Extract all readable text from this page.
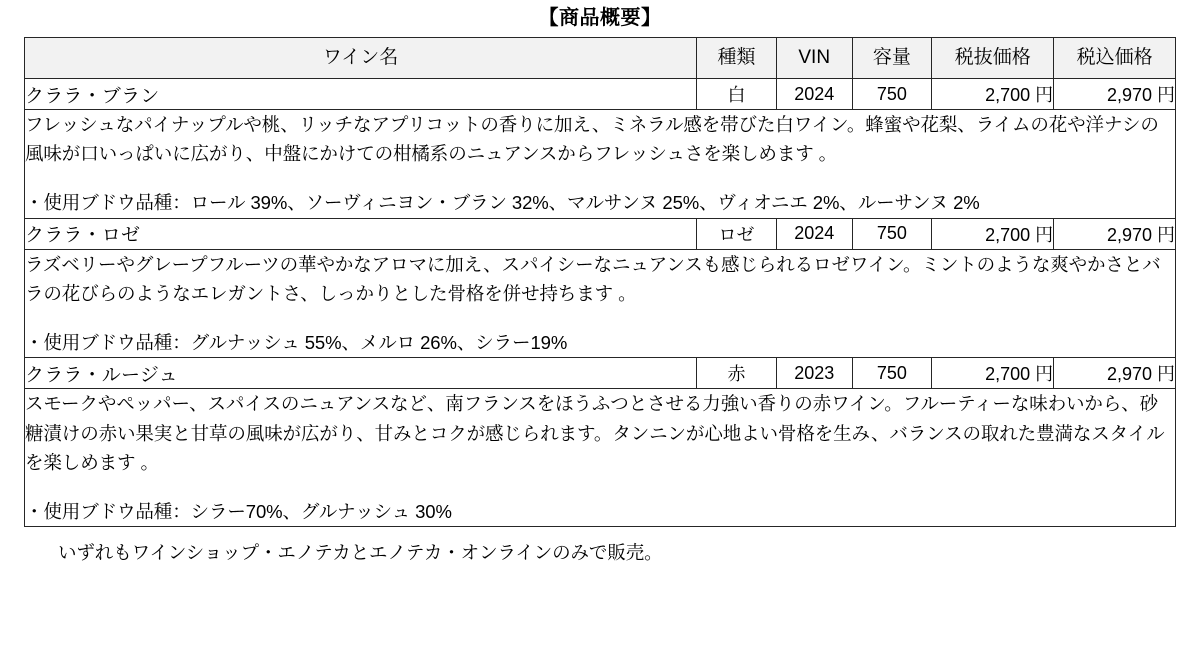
【商品概要】
ワイン名	種類	VIN	容量	税抜価格	税込価格
クララ・ブラン	白	2024	750	2,700 円	2,970 円

フレッシュなパイナップルや桃、リッチなアプリコットの香りに加え、ミネラル感を帯びた白ワイン。蜂蜜や花梨、ライムの花や洋ナシの風味が口いっぱいに広がり、中盤にかけての柑橘系のニュアンスからフレッシュさを楽しめます 。

・使用ブドウ品種：ロール 39%、ソーヴィニヨン・ブラン 32%、マルサンヌ 25%、ヴィオニエ 2%、ルーサンヌ 2%					

クララ・ロゼ	ロゼ	2024	750	2,700 円	2,970 円

ラズベリーやグレープフルーツの華やかなアロマに加え、スパイシーなニュアンスも感じられるロゼワイン。ミントのような爽やかさとバラの花びらのようなエレガントさ、しっかりとした骨格を併せ持ちます 。

・使用ブドウ品種：グルナッシュ 55%、メルロ 26%、シラー19%					

クララ・ルージュ	赤	2023	750	2,700 円	2,970 円

スモークやペッパー、スパイスのニュアンスなど、南フランスをほうふつとさせる力強い香りの赤ワイン。フルーティーな味わいから、砂糖漬けの赤い果実と甘草の風味が広がり、甘みとコクが感じられます。タンニンが心地よい骨格を生み、バランスの取れた豊満なスタイルを楽しめます 。

・使用ブドウ品種：シラー70%、グルナッシュ 30%					

いずれもワインショップ・エノテカとエノテカ・オンラインのみで販売。
